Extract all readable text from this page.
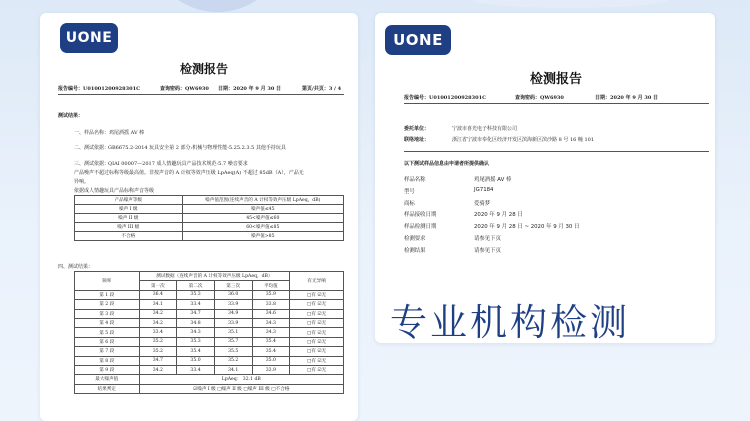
UONE
检测报告
报告编号：U01001200928301C	查询密码：QW6930 日期：2020 年 9 月 30 日	第页/共页：3 / 4
测试结果：
一、样品名称：鸡尾酒摇 AV 棒
二、测试依据：
GB6675.2-2014 玩具安全第 2 部分:机械与物理性能-5.25.2.3.5 其他手持玩具
三、测试依据：
QIAI 00007—2017 成人情趣玩具产品技术规范-5.7 噪音要求
产品噪声不超过标称等级最高值。非按声音的 A 计权等效声压级 LpAeq(A) 不超过 85dB（A），产品无
异响。
依据成人情趣玩具产品标称声音等级
产品噪声等级	噪声值范围(连续声音的 A 计权等效声压级 LpAeq，dB)
噪声 I 级	噪声值≤45
噪声 II 级	45<噪声值≤60
噪声 III 级	60<噪声值≤85
不合格	噪声值>85
四、测试结果：
频率	测试数据（连续声音的 A 计权等效声压级 LpAeq，dB）				有无异响
	第一次	第二次	第三次	平均值	
第 1 段	36.4	35.3	36.0	35.9	□有 ☑无
第 2 段	34.1	33.4	33.9	33.8	□有 ☑无
第 3 段	34.2	34.7	34.9	34.6	□有 ☑无
第 4 段	34.2	34.8	33.9	34.3	□有 ☑无
第 5 段	33.4	34.3	35.1	34.3	□有 ☑无
第 6 段	35.2	35.3	35.7	35.4	□有 ☑无
第 7 段	35.2	35.4	35.5	35.4	□有 ☑无
第 8 段	34.7	35.0	35.2	35.0	□有 ☑无
第 9 段	34.2	33.4	34.1	33.9	□有 ☑无
最大噪声值	LpAeq： 32.1 dB				
结果判定	☑噪声 I 级 □噪声 II 级 □噪声 III 级 □不合格				
UONE
检测报告
报告编号：U01001200928301C	查询密码：QW6930	日期：2020 年 9 月 30 日
委托单位：	宁波市喜光电子科技有限公司
联络地址：	浙江省宁波市奉化区经济开发区滨海新区滨沙路 8 号 16 幢 101
以下测试样品信息由申请者所提供确认
样品名称	鸡尾酒摇 AV 棒
型号	JG7184
商标	爱骑梦
样品接收日期	2020 年 9 月 28 日
样品检测日期	2020 年 9 月 28 日 ~ 2020 年 9 月 30 日
检测要求	请参见下页
检测结果	请参见下页
专业机构检测
